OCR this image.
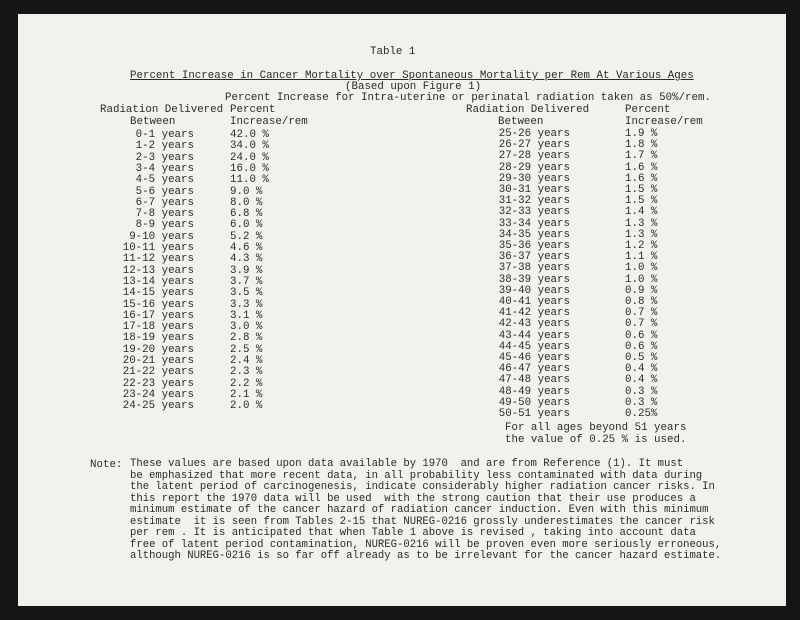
Table 1
Percent Increase in Cancer Mortality over Spontaneous Mortality per Rem At Various Ages
(Based upon Figure 1)
Percent Increase for Intra-uterine or perinatal radiation taken as 50%/rem.
Radiation Delivered
Between
Percent
Increase/rem
Radiation Delivered
Between
Percent
Increase/rem
0-1 years	42.0 %
1-2 years	34.0 %
2-3 years	24.0 %
3-4 years	16.0 %
4-5 years	11.0 %
5-6 years	9.0 %
6-7 years	8.0 %
7-8 years	6.8 %
8-9 years	6.0 %
9-10 years	5.2 %
10-11 years	4.6 %
11-12 years	4.3 %
12-13 years	3.9 %
13-14 years	3.7 %
14-15 years	3.5 %
15-16 years	3.3 %
16-17 years	3.1 %
17-18 years	3.0 %
18-19 years	2.8 %
19-20 years	2.5 %
20-21 years	2.4 %
21-22 years	2.3 %
22-23 years	2.2 %
23-24 years	2.1 %
24-25 years	2.0 %
25-26 years	1.9 %
26-27 years	1.8 %
27-28 years	1.7 %
28-29 years	1.6 %
29-30 years	1.6 %
30-31 years	1.5 %
31-32 years	1.5 %
32-33 years	1.4 %
33-34 years	1.3 %
34-35 years	1.3 %
35-36 years	1.2 %
36-37 years	1.1 %
37-38 years	1.0 %
38-39 years	1.0 %
39-40 years	0.9 %
40-41 years	0.8 %
41-42 years	0.7 %
42-43 years	0.7 %
43-44 years	0.6 %
44-45 years	0.6 %
45-46 years	0.5 %
46-47 years	0.4 %
47-48 years	0.4 %
48-49 years	0.3 %
49-50 years	0.3 %
50-51 years	0.25%
For all ages beyond 51 years
the value of 0.25 % is used.
Note: These values are based upon data available by 1970  and are from Reference (1). It must
be emphasized that more recent data, in all probability less contaminated with data during
the latent period of carcinogenesis, indicate considerably higher radiation cancer risks. In
this report the 1970 data will be used  with the strong caution that their use produces a
minimum estimate of the cancer hazard of radiation cancer induction. Even with this minimum
estimate  it is seen from Tables 2-15 that NUREG-0216 grossly underestimates the cancer risk
per rem . It is anticipated that when Table 1 above is revised , taking into account data
free of latent period contamination, NUREG-0216 will be proven even more seriously erroneous,
although NUREG-0216 is so far off already as to be irrelevant for the cancer hazard estimate.
